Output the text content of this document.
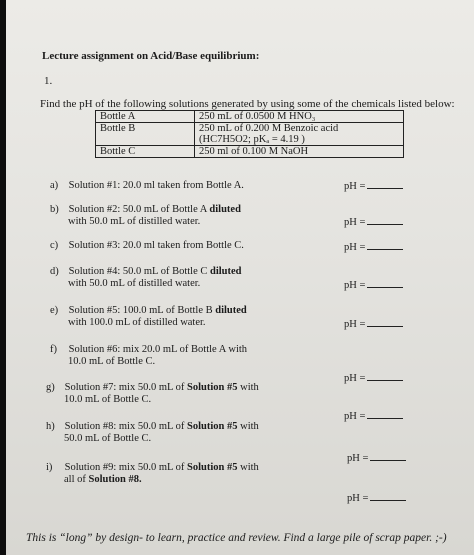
Lecture assignment on Acid/Base equilibrium:
1.
Find the pH of the following solutions generated by using some of the chemicals listed below:
Bottle A	250 mL of 0.0500 M HNO₃
Bottle B	250 mL of 0.200 M Benzoic acid
	(HC7H5O2; pKₐ = 4.19 )
Bottle C	250 ml of 0.100 M NaOH
a) Solution #1: 20.0 ml taken from Bottle A.	pH =
b) Solution #2: 50.0 mL of Bottle A diluted
with 50.0 mL of distilled water.	pH =
c) Solution #3: 20.0 ml taken from Bottle C.	pH =
d) Solution #4: 50.0 mL of Bottle C diluted
with 50.0 mL of distilled water.	pH =
e) Solution #5: 100.0 mL of Bottle B diluted
with 100.0 mL of distilled water.	pH =
f) Solution #6: mix 20.0 mL of Bottle A with
10.0 mL of Bottle C.
pH =
g) Solution #7: mix 50.0 mL of Solution #5 with
10.0 mL of Bottle C.
pH =
h) Solution #8: mix 50.0 mL of Solution #5 with
50.0 mL of Bottle C.
pH =
i) Solution #9: mix 50.0 mL of Solution #5 with
all of Solution #8.
pH =
This is “long” by design- to learn, practice and review. Find a large pile of scrap paper. ;-)
